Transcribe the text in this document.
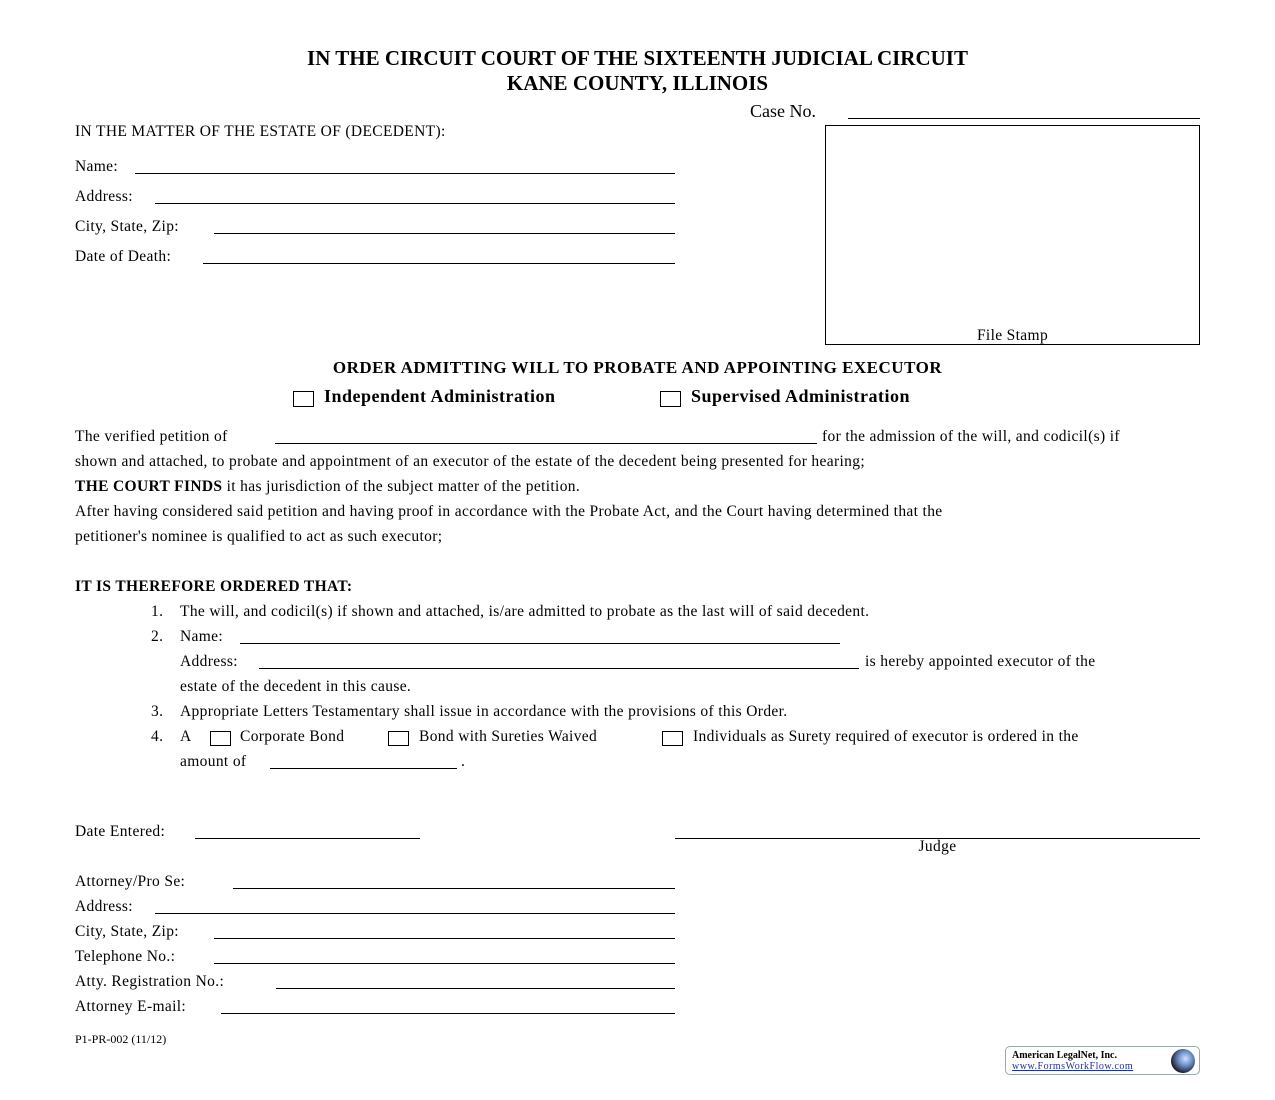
IN THE CIRCUIT COURT OF THE SIXTEENTH JUDICIAL CIRCUIT
KANE COUNTY, ILLINOIS
Case No.
IN THE MATTER OF THE ESTATE OF (DECEDENT):
Name:
Address:
City, State, Zip:
Date of Death:
File Stamp
ORDER ADMITTING WILL TO PROBATE AND APPOINTING EXECUTOR
Independent Administration	Supervised Administration
The verified petition of	for the admission of the will, and codicil(s) if
shown and attached, to probate and appointment of an executor of the estate of the decedent being presented for hearing;
THE COURT FINDS it has jurisdiction of the subject matter of the petition.
After having considered said petition and having proof in accordance with the Probate Act, and the Court having determined that the
petitioner's nominee is qualified to act as such executor;
IT IS THEREFORE ORDERED THAT:
1. The will, and codicil(s) if shown and attached, is/are admitted to probate as the last will of said decedent.
2. Name:
Address:	is hereby appointed executor of the
estate of the decedent in this cause.
3. Appropriate Letters Testamentary shall issue in accordance with the provisions of this Order.
4. A	Corporate Bond	Bond with Sureties Waived	Individuals as Surety required of executor is ordered in the
amount of	.
Date Entered:
Judge
Attorney/Pro Se:
Address:
City, State, Zip:
Telephone No.:
Atty. Registration No.:
Attorney E-mail:
P1-PR-002 (11/12)
American LegalNet, Inc.
www.FormsWorkFlow.com
